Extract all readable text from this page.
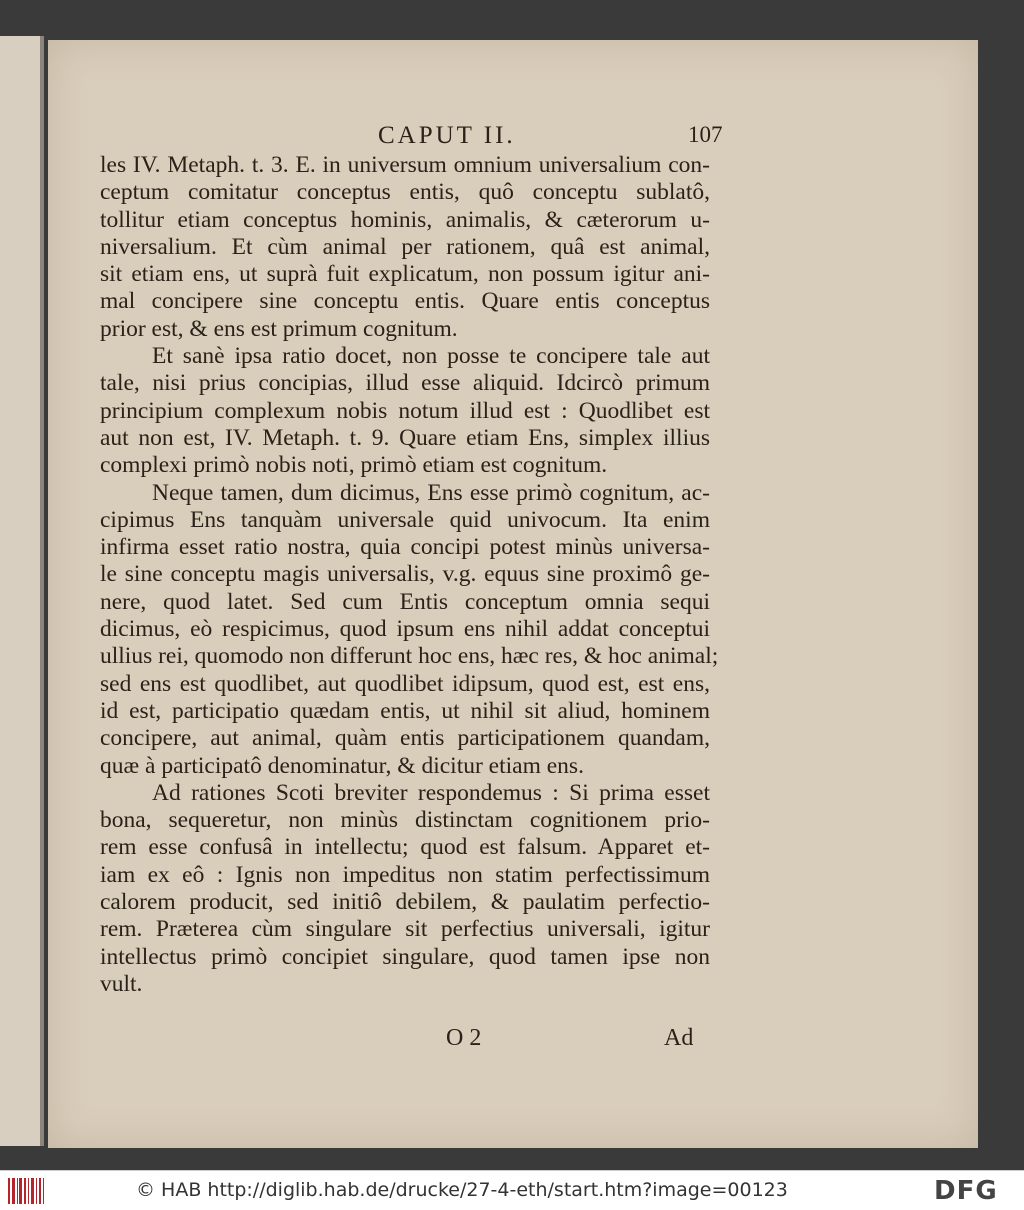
CAPUT II.	107
les IV. Metaph. t. 3. E. in universum omnium universalium con-
ceptum comitatur conceptus entis, quô conceptu sublatô,
tollitur etiam conceptus hominis, animalis, & cæterorum u-
niversalium. Et cùm animal per rationem, quâ est animal,
sit etiam ens, ut suprà fuit explicatum, non possum igitur ani-
mal concipere sine conceptu entis. Quare entis conceptus
prior est, & ens est primum cognitum.
Et sanè ipsa ratio docet, non posse te concipere tale aut
tale, nisi prius concipias, illud esse aliquid. Idcircò primum
principium complexum nobis notum illud est : Quodlibet est
aut non est, IV. Metaph. t. 9. Quare etiam Ens, simplex illius
complexi primò nobis noti, primò etiam est cognitum.
Neque tamen, dum dicimus, Ens esse primò cognitum, ac-
cipimus Ens tanquàm universale quid univocum. Ita enim
infirma esset ratio nostra, quia concipi potest minùs universa-
le sine conceptu magis universalis, v.g. equus sine proximô ge-
nere, quod latet. Sed cum Entis conceptum omnia sequi
dicimus, eò respicimus, quod ipsum ens nihil addat conceptui
ullius rei, quomodo non differunt hoc ens, hæc res, & hoc animal;
sed ens est quodlibet, aut quodlibet idipsum, quod est, est ens,
id est, participatio quædam entis, ut nihil sit aliud, hominem
concipere, aut animal, quàm entis participationem quandam,
quæ à participatô denominatur, & dicitur etiam ens.
Ad rationes Scoti breviter respondemus : Si prima esset
bona, sequeretur, non minùs distinctam cognitionem prio-
rem esse confusâ in intellectu; quod est falsum. Apparet et-
iam ex eô : Ignis non impeditus non statim perfectissimum
calorem producit, sed initiô debilem, & paulatim perfectio-
rem. Præterea cùm singulare sit perfectius universali, igitur
intellectus primò concipiet singulare, quod tamen ipse non
vult.
O 2	Ad
© HAB http://diglib.hab.de/drucke/27-4-eth/start.htm?image=00123	DFG
